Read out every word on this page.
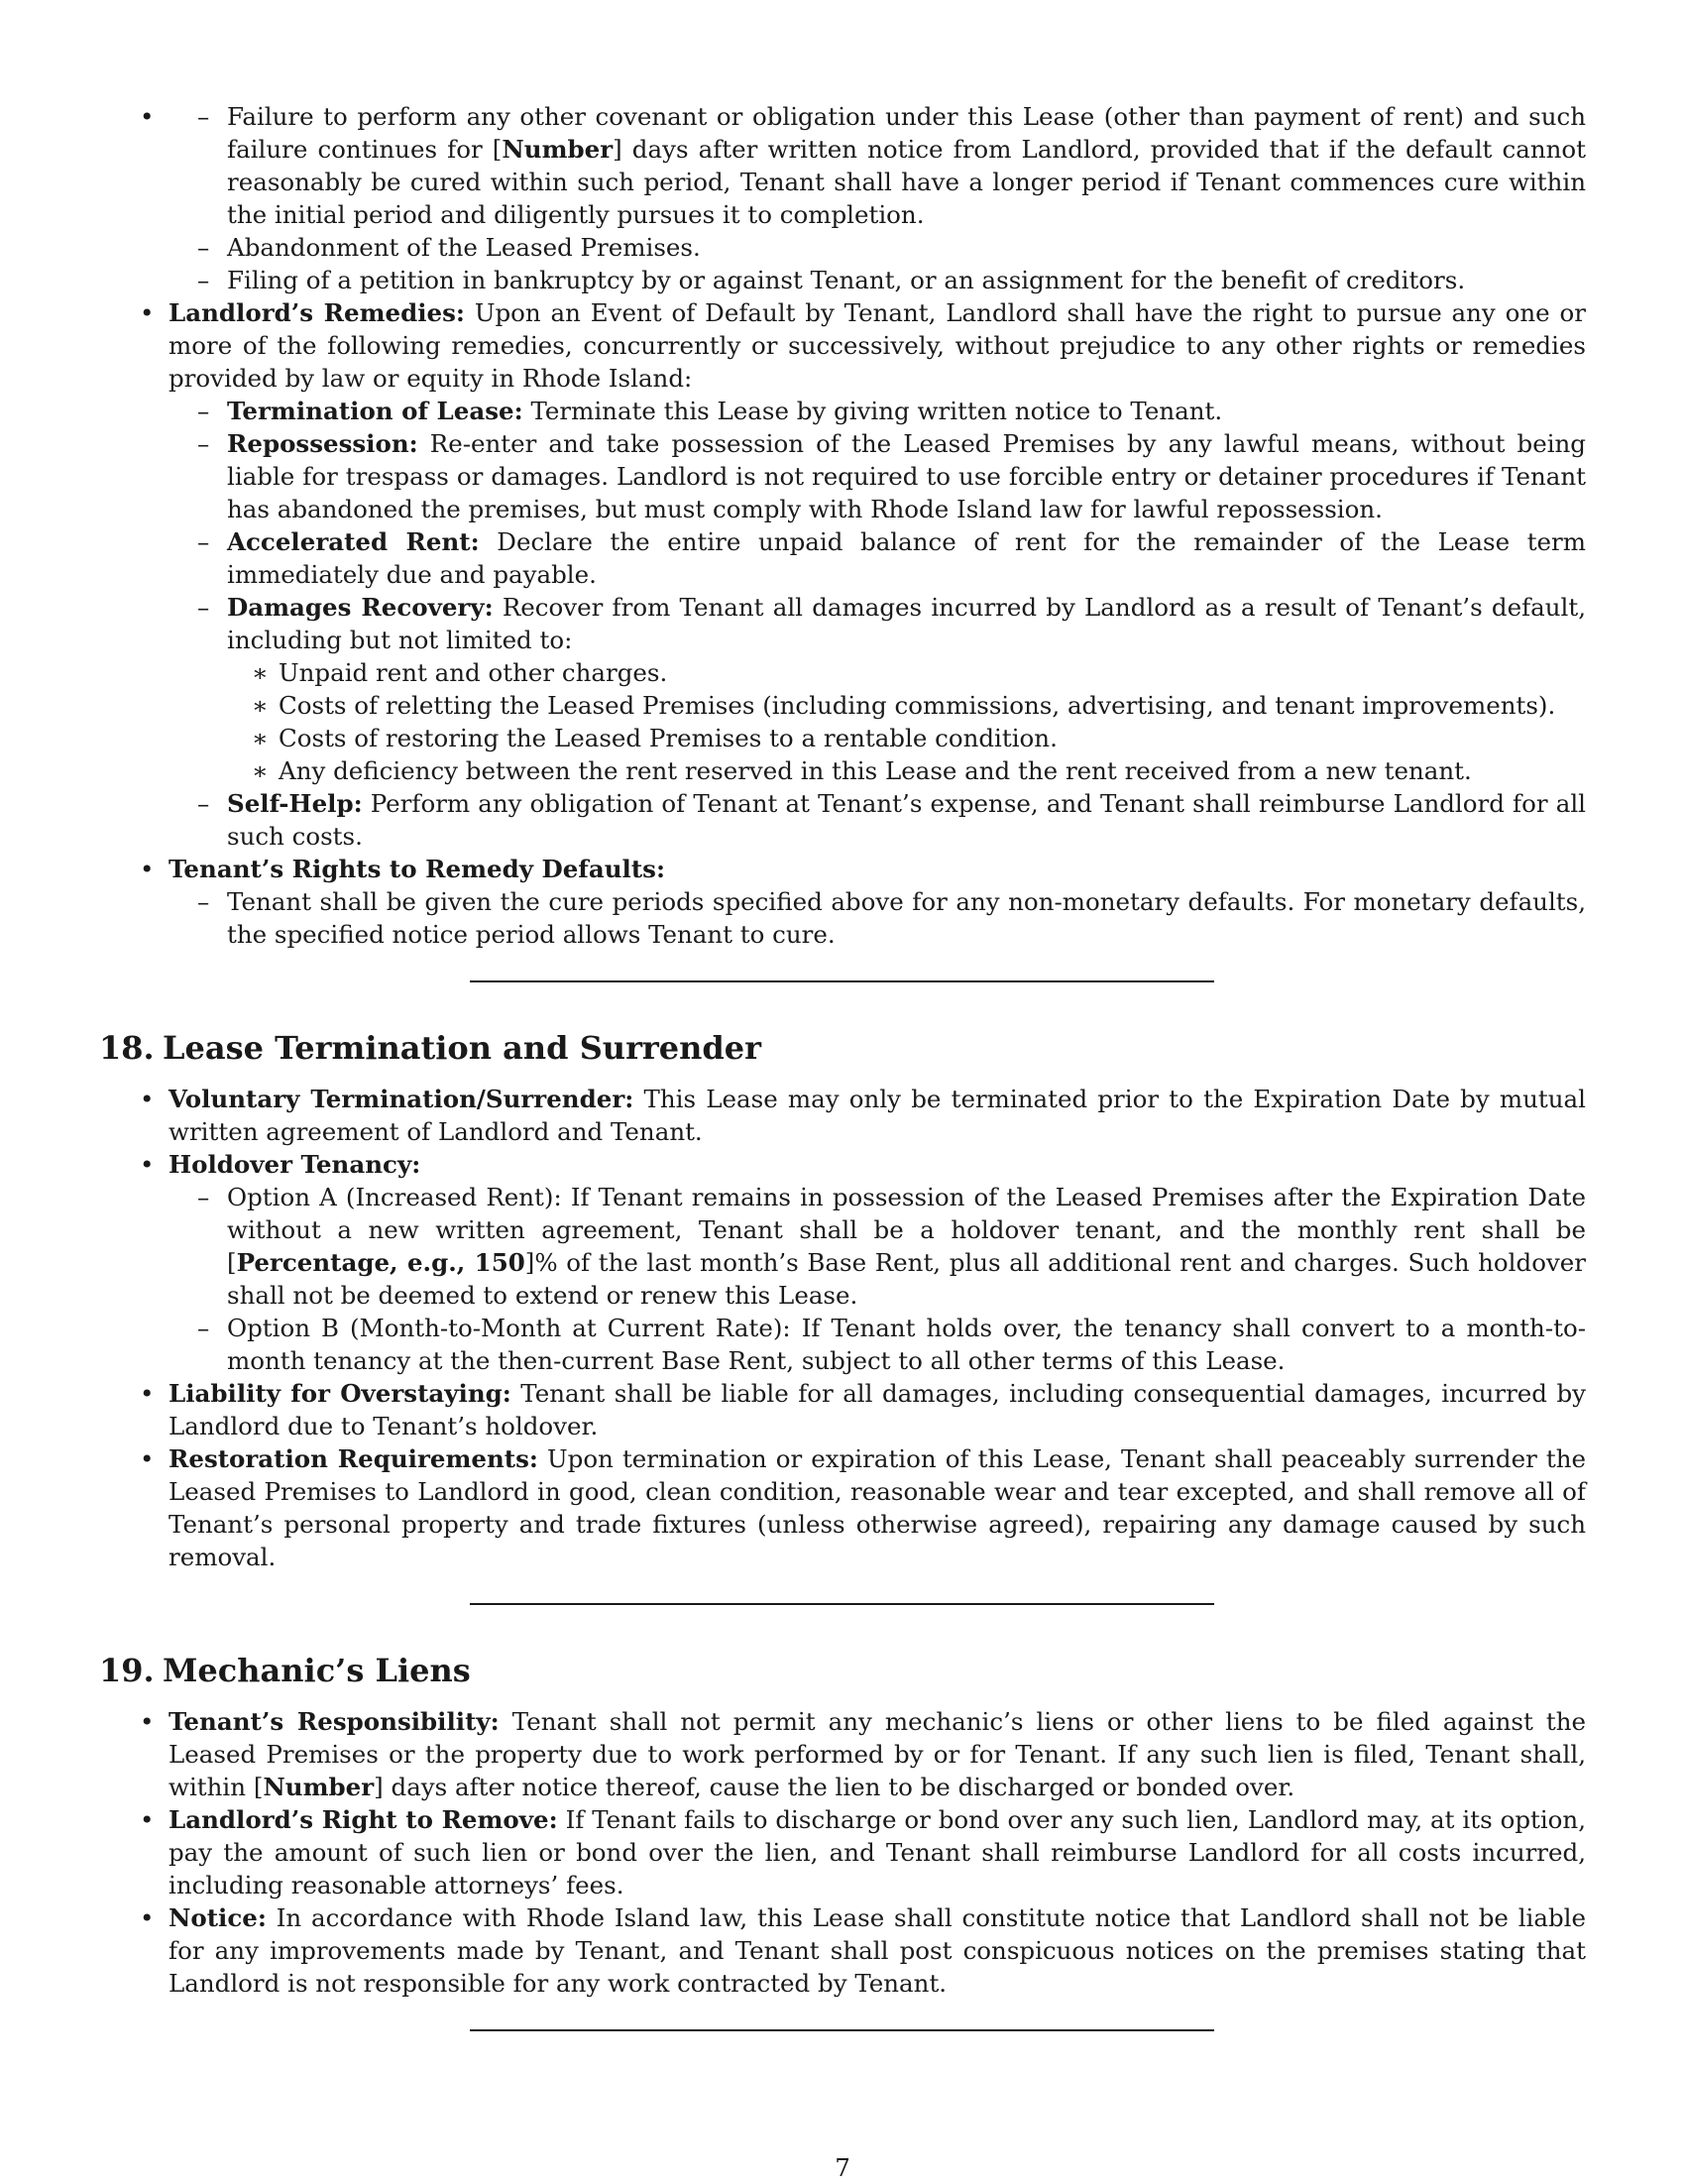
– • Failure to perform any other covenant or obligation under this Lease (other than payment of rent) and such failure continues for [Number] days after written notice from Landlord, provided that if the default cannot reasonably be cured within such period, Tenant shall have a longer period if Tenant commences cure within the initial period and diligently pursues it to completion.
– Abandonment of the Leased Premises.
– Filing of a petition in bankruptcy by or against Tenant, or an assignment for the benefit of creditors.
• Landlord’s Remedies: Upon an Event of Default by Tenant, Landlord shall have the right to pursue any one or more of the following remedies, concurrently or successively, without prejudice to any other rights or remedies provided by law or equity in Rhode Island:
– Termination of Lease: Terminate this Lease by giving written notice to Tenant.
– Repossession: Re-enter and take possession of the Leased Premises by any lawful means, without being liable for trespass or damages. Landlord is not required to use forcible entry or detainer procedures if Tenant has abandoned the premises, but must comply with Rhode Island law for lawful repossession.
– Accelerated Rent: Declare the entire unpaid balance of rent for the remainder of the Lease term immediately due and payable.
– Damages Recovery: Recover from Tenant all damages incurred by Landlord as a result of Tenant’s default, including but not limited to:
∗ Unpaid rent and other charges.
∗ Costs of reletting the Leased Premises (including commissions, advertising, and tenant improvements).
∗ Costs of restoring the Leased Premises to a rentable condition.
∗ Any deficiency between the rent reserved in this Lease and the rent received from a new tenant.
– Self-Help: Perform any obligation of Tenant at Tenant’s expense, and Tenant shall reimburse Landlord for all such costs.
• Tenant’s Rights to Remedy Defaults:
– Tenant shall be given the cure periods specified above for any non-monetary defaults. For monetary defaults, the specified notice period allows Tenant to cure.
18. Lease Termination and Surrender
• Voluntary Termination/Surrender: This Lease may only be terminated prior to the Expiration Date by mutual written agreement of Landlord and Tenant.
• Holdover Tenancy:
– Option A (Increased Rent): If Tenant remains in possession of the Leased Premises after the Expiration Date without a new written agreement, Tenant shall be a holdover tenant, and the monthly rent shall be [Percentage, e.g., 150]% of the last month’s Base Rent, plus all additional rent and charges. Such holdover shall not be deemed to extend or renew this Lease.
– Option B (Month-to-Month at Current Rate): If Tenant holds over, the tenancy shall convert to a month-to-month tenancy at the then-current Base Rent, subject to all other terms of this Lease.
• Liability for Overstaying: Tenant shall be liable for all damages, including consequential damages, incurred by Landlord due to Tenant’s holdover.
• Restoration Requirements: Upon termination or expiration of this Lease, Tenant shall peaceably surrender the Leased Premises to Landlord in good, clean condition, reasonable wear and tear excepted, and shall remove all of Tenant’s personal property and trade fixtures (unless otherwise agreed), repairing any damage caused by such removal.
19. Mechanic’s Liens
• Tenant’s Responsibility: Tenant shall not permit any mechanic’s liens or other liens to be filed against the Leased Premises or the property due to work performed by or for Tenant. If any such lien is filed, Tenant shall, within [Number] days after notice thereof, cause the lien to be discharged or bonded over.
• Landlord’s Right to Remove: If Tenant fails to discharge or bond over any such lien, Landlord may, at its option, pay the amount of such lien or bond over the lien, and Tenant shall reimburse Landlord for all costs incurred, including reasonable attorneys’ fees.
• Notice: In accordance with Rhode Island law, this Lease shall constitute notice that Landlord shall not be liable for any improvements made by Tenant, and Tenant shall post conspicuous notices on the premises stating that Landlord is not responsible for any work contracted by Tenant.
7
